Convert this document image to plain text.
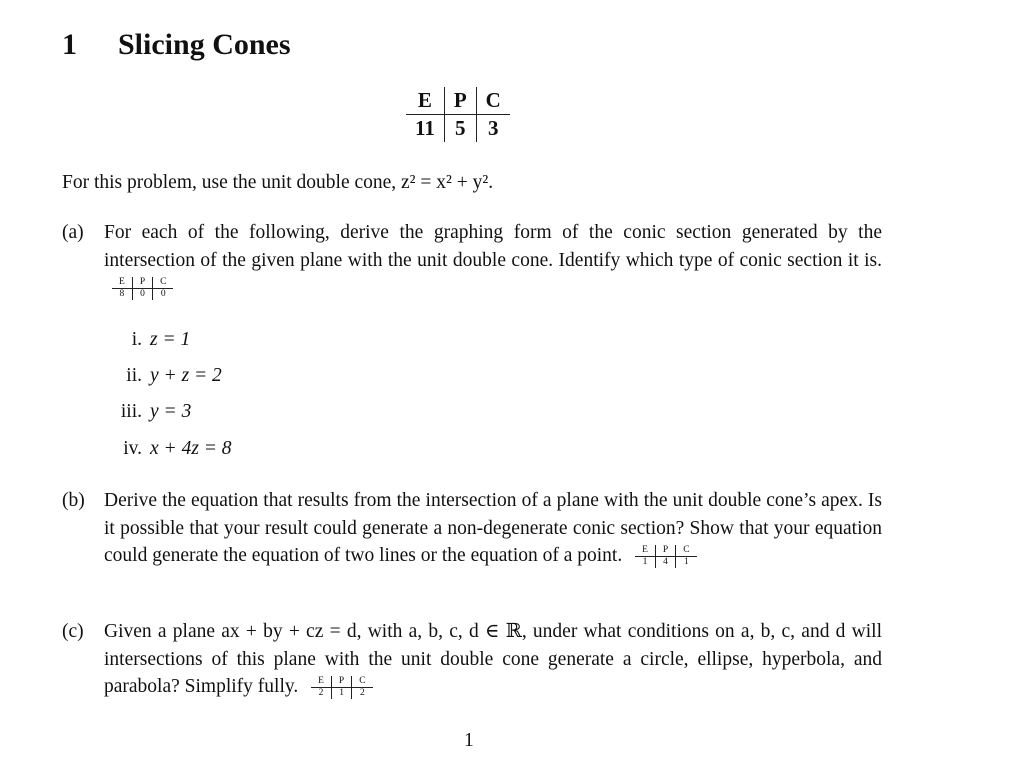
1 Slicing Cones
E	P	C
11	5	3
For this problem, use the unit double cone, z² = x² + y².
(a) For each of the following, derive the graphing form of the conic section generated by the intersection of the given plane with the unit double cone. Identify which type of conic section it is. E	P	C
8	0	0
i. z = 1
ii. y + z = 2
iii. y = 3
iv. x + 4z = 8
(b) Derive the equation that results from the intersection of a plane with the unit double cone’s apex. Is it possible that your result could generate a non-degenerate conic section? Show that your equation could generate the equation of two lines or the equation of a point. E	P	C
1	4	1
(c) Given a plane ax + by + cz = d, with a, b, c, d ∈ ℝ, under what conditions on a, b, c, and d will intersections of this plane with the unit double cone generate a circle, ellipse, hyperbola, and parabola? Simplify fully. E	P	C
2	1	2
1
